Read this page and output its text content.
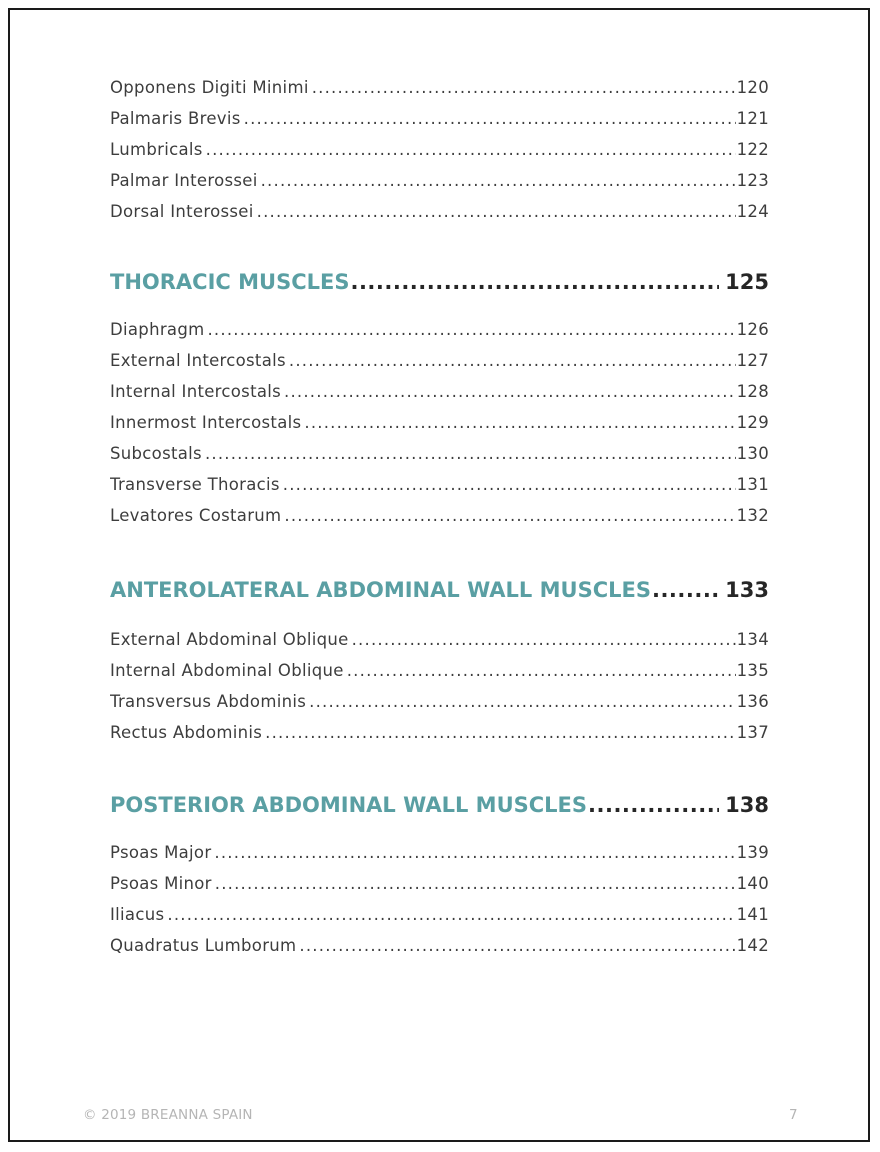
Opponens Digiti Minimi .....	120
Palmaris Brevis .....	121
Lumbricals .....	122
Palmar Interossei .....	123
Dorsal Interossei .....	124
THORACIC MUSCLES .....	125
Diaphragm .....	126
External Intercostals .....	127
Internal Intercostals .....	128
Innermost Intercostals .....	129
Subcostals .....	130
Transverse Thoracis .....	131
Levatores Costarum .....	132
ANTEROLATERAL ABDOMINAL WALL MUSCLES .....	133
External Abdominal Oblique .....	134
Internal Abdominal Oblique .....	135
Transversus Abdominis .....	136
Rectus Abdominis .....	137
POSTERIOR ABDOMINAL WALL MUSCLES .....	138
Psoas Major .....	139
Psoas Minor .....	140
Iliacus .....	141
Quadratus Lumborum .....	142
© 2019 BREANNA SPAIN	7
